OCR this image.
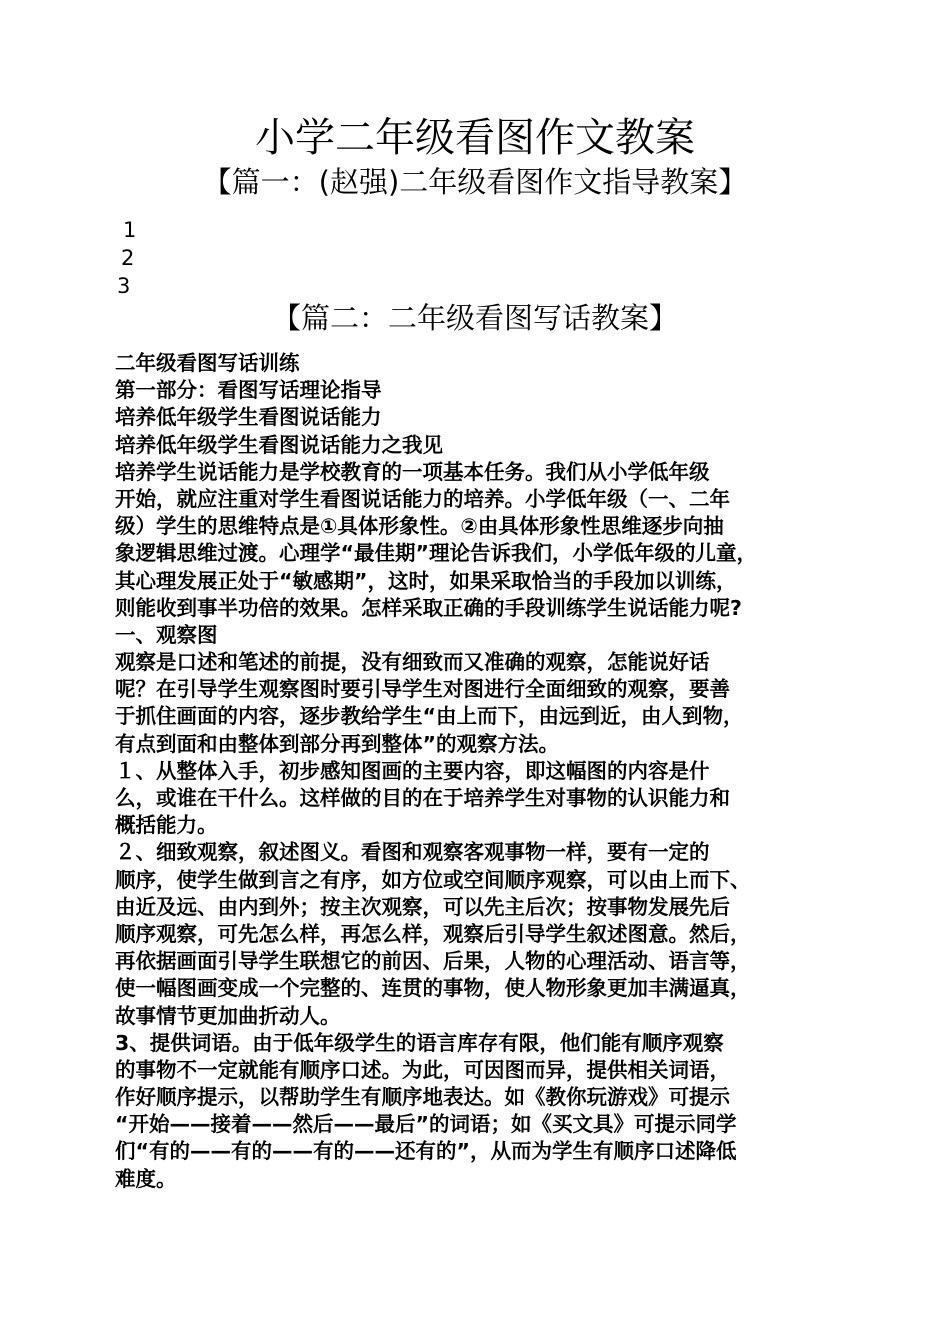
小学二年级看图作文教案
【篇一：(赵强)二年级看图作文指导教案】
1
2
3
【篇二：二年级看图写话教案】
二年级看图写话训练
第一部分：看图写话理论指导
培养低年级学生看图说话能力
培养低年级学生看图说话能力之我见
培养学生说话能力是学校教育的一项基本任务。我们从小学低年级
开始，就应注重对学生看图说话能力的培养。小学低年级（一、二年
级）学生的思维特点是①具体形象性。②由具体形象性思维逐步向抽
象逻辑思维过渡。心理学“最佳期”理论告诉我们，小学低年级的儿童，
其心理发展正处于“敏感期”，这时，如果采取恰当的手段加以训练，
则能收到事半功倍的效果。怎样采取正确的手段训练学生说话能力呢?
一、观察图
观察是口述和笔述的前提，没有细致而又准确的观察，怎能说好话
呢？在引导学生观察图时要引导学生对图进行全面细致的观察，要善
于抓住画面的内容，逐步教给学生“由上而下，由远到近，由人到物，
有点到面和由整体到部分再到整体”的观察方法。
１、从整体入手，初步感知图画的主要内容，即这幅图的内容是什
么，或谁在干什么。这样做的目的在于培养学生对事物的认识能力和
概括能力。
２、细致观察，叙述图义。看图和观察客观事物一样，要有一定的
顺序，使学生做到言之有序，如方位或空间顺序观察，可以由上而下、
由近及远、由内到外；按主次观察，可以先主后次；按事物发展先后
顺序观察，可先怎么样，再怎么样，观察后引导学生叙述图意。然后，
再依据画面引导学生联想它的前因、后果，人物的心理活动、语言等，
使一幅图画变成一个完整的、连贯的事物，使人物形象更加丰满逼真，
故事情节更加曲折动人。
3、提供词语。由于低年级学生的语言库存有限，他们能有顺序观察
的事物不一定就能有顺序口述。为此，可因图而异，提供相关词语，
作好顺序提示，以帮助学生有顺序地表达。如《教你玩游戏》可提示
“开始——接着——然后——最后”的词语；如《买文具》可提示同学
们“有的——有的——有的——还有的”，从而为学生有顺序口述降低
难度。
